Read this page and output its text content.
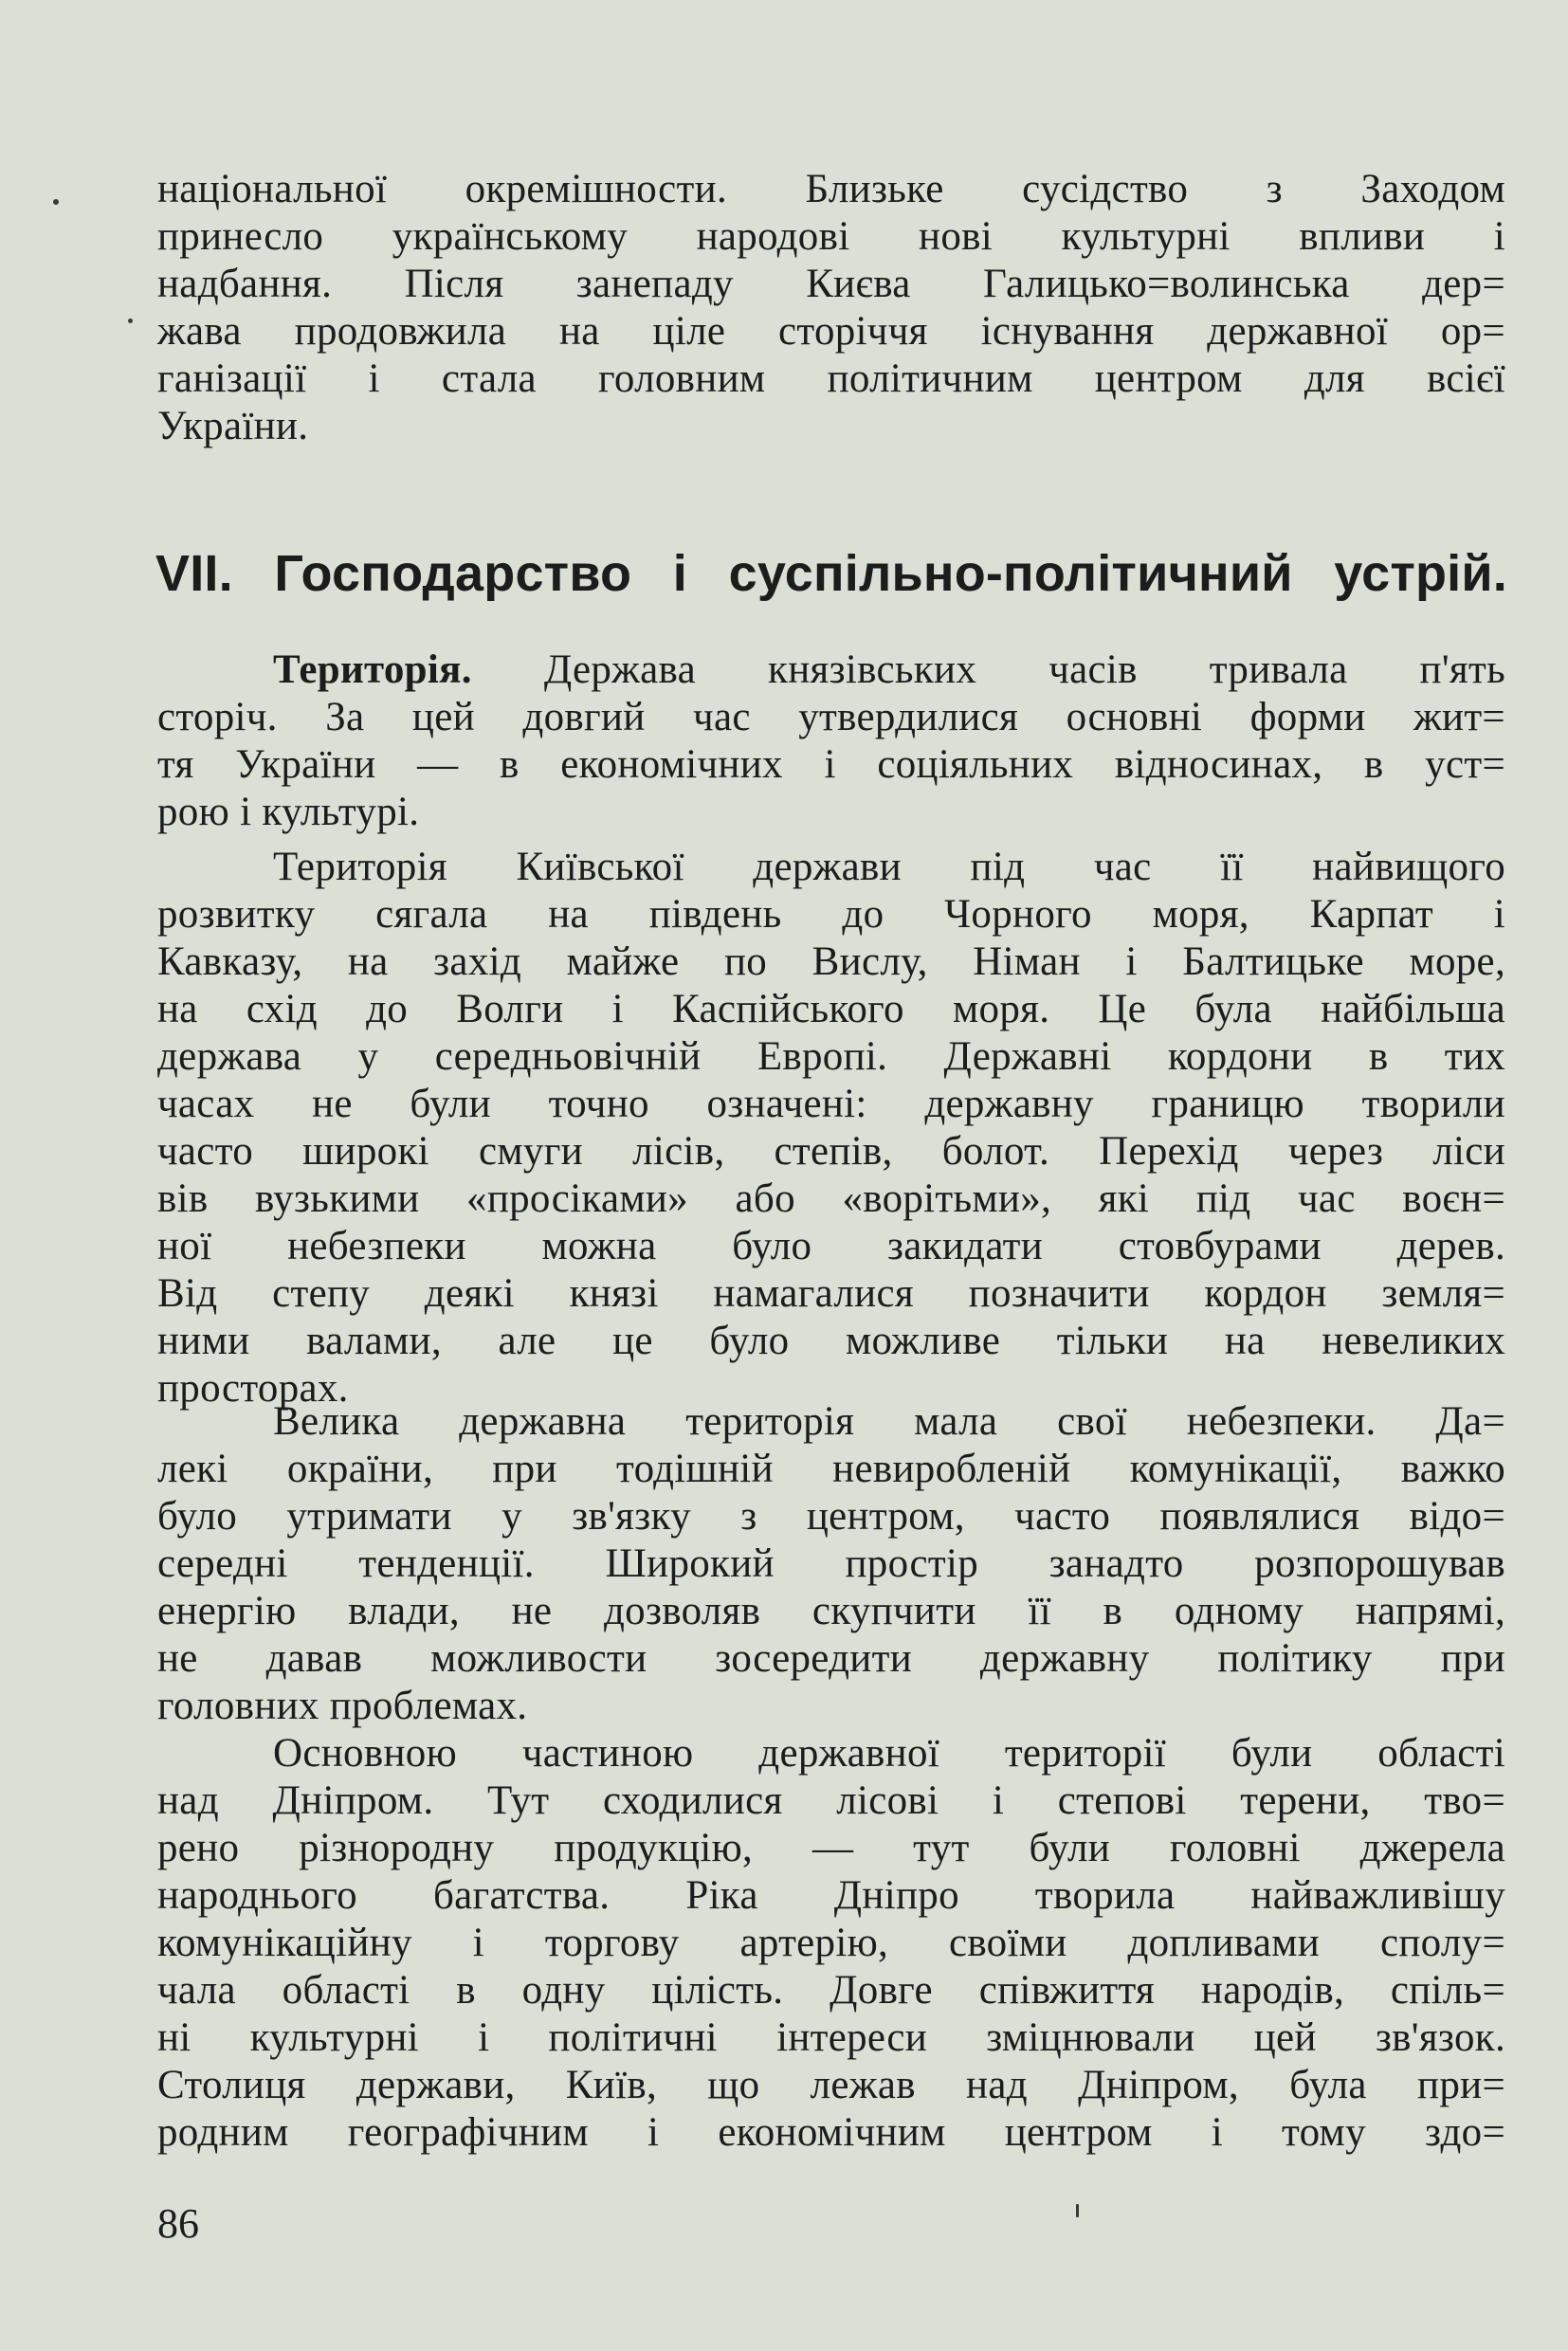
національної окремішности. Близьке сусідство з Заходом
принесло українському народові нові культурні впливи і
надбання. Після занепаду Києва Галицько=волинська дер=
жава продовжила на ціле сторіччя існування державної ор=
ганізації і стала головним політичним центром для всієї
України.
VII. Господарство і суспільно-політичний устрій.
Територія. Держава князівських часів тривала п'ять
сторіч. За цей довгий час утвердилися основні форми жит=
тя України — в економічних і соціяльних відносинах, в уст=
рою і культурі.
Територія Київської держави під час її найвищого
розвитку сягала на південь до Чорного моря, Карпат і
Кавказу, на захід майже по Вислу, Німан і Балтицьке море,
на схід до Волги і Каспійського моря. Це була найбільша
держава у середньовічній Европі. Державні кордони в тих
часах не були точно означені: державну границю творили
часто широкі смуги лісів, степів, болот. Перехід через ліси
вів вузькими «просіками» або «ворітьми», які під час воєн=
ної небезпеки можна було закидати стовбурами дерев.
Від степу деякі князі намагалися позначити кордон земля=
ними валами, але це було можливе тільки на невеликих
просторах.
Велика державна територія мала свої небезпеки. Да=
лекі окраїни, при тодішній невиробленій комунікації, важко
було утримати у зв'язку з центром, часто появлялися відо=
середні тенденції. Широкий простір занадто розпорошував
енергію влади, не дозволяв скупчити її в одному напрямі,
не давав можливости зосередити державну політику при
головних проблемах.
Основною частиною державної території були області
над Дніпром. Тут сходилися лісові і степові терени, тво=
рено різнородну продукцію, — тут були головні джерела
народнього багатства. Ріка Дніпро творила найважливішу
комунікаційну і торгову артерію, своїми допливами сполу=
чала області в одну цілість. Довге співжиття народів, спіль=
ні культурні і політичні інтереси зміцнювали цей зв'язок.
Столиця держави, Київ, що лежав над Дніпром, була при=
родним географічним і економічним центром і тому здо=
86
